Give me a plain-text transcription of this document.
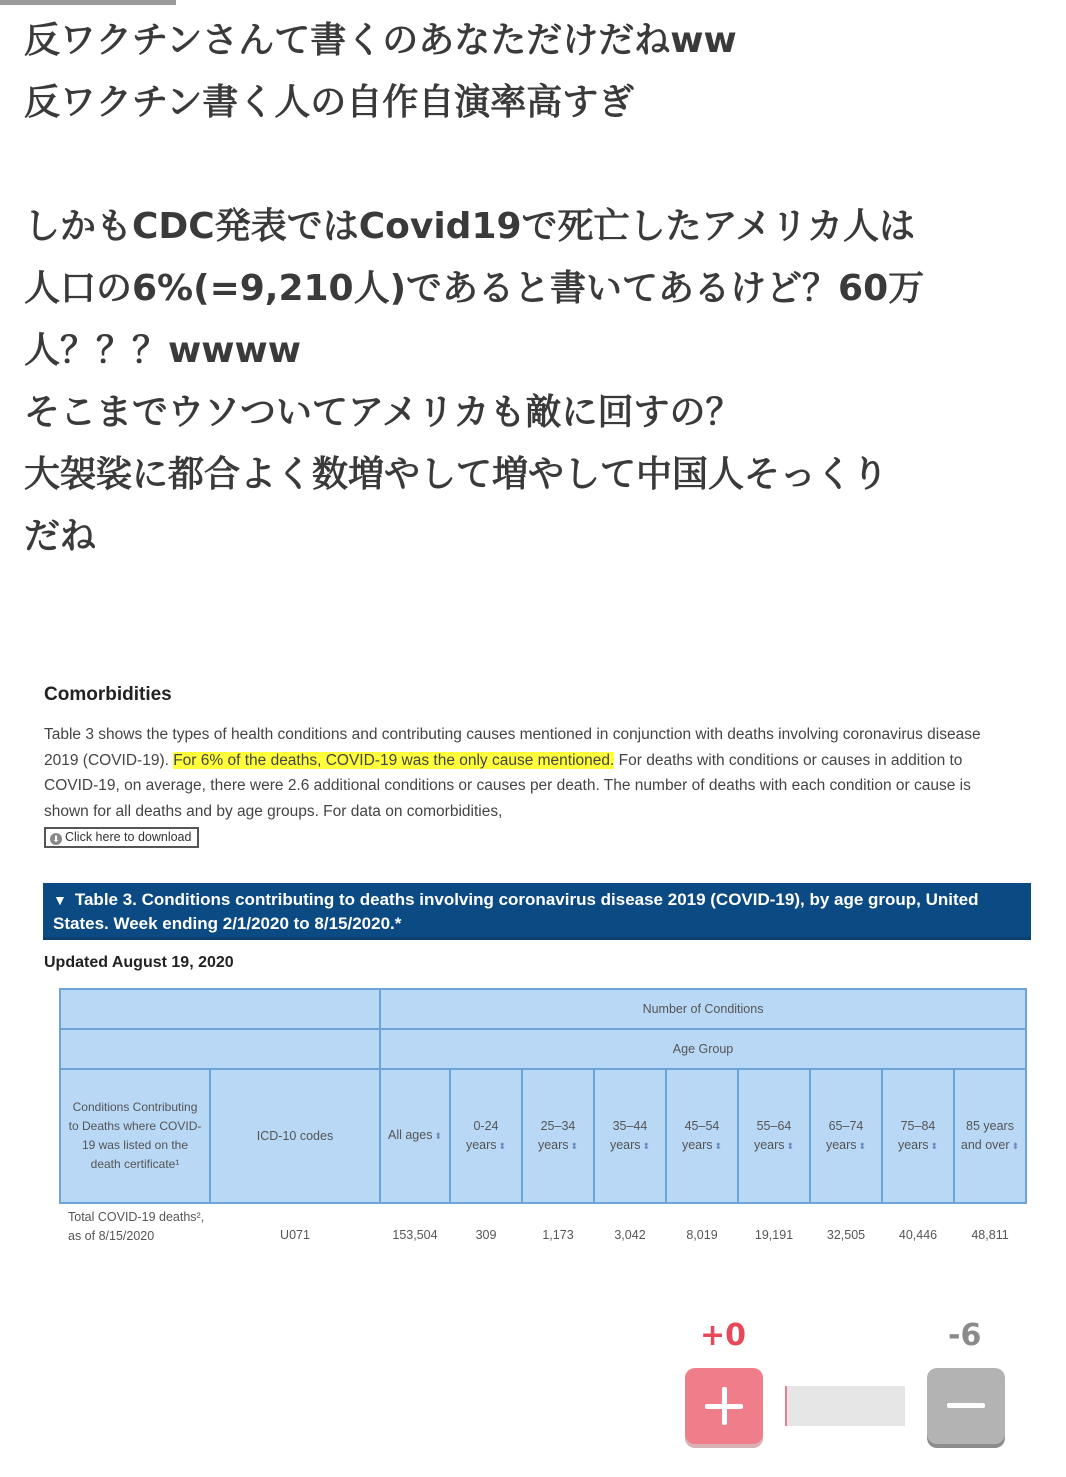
反ワクチンさんて書くのあなただけだねww

反ワクチン書く人の自作自演率高すぎ

しかもCDC発表ではCovid19で死亡したアメリカ人は

人口の6%(=9,210人)であると書いてあるけど？60万

人？？？wwww

そこまでウソついてアメリカも敵に回すの？

大袈裟に都合よく数増やして増やして中国人そっくり

だね

Comorbidities
Table 3 shows the types of health conditions and contributing causes mentioned in conjunction with deaths involving coronavirus disease 2019 (COVID-19). For 6% of the deaths, COVID-19 was the only cause mentioned. For deaths with conditions or causes in addition to COVID-19, on average, there were 2.6 additional conditions or causes per death. The number of deaths with each condition or cause is shown for all deaths and by age groups. For data on comorbidities,
⬇ Click here to download
▼ Table 3. Conditions contributing to deaths involving coronavirus disease 2019 (COVID-19), by age group, United States. Week ending 2/1/2020 to 8/15/2020.*
Updated August 19, 2020
		Number of Conditions								
		Age Group								
Conditions Contributing to Deaths where COVID-19 was listed on the death certificate¹	ICD-10 codes	All ages ⬍	0-24 years ⬍	25–34 years ⬍	35–44 years ⬍	45–54 years ⬍	55–64 years ⬍	65–74 years ⬍	75–84 years ⬍	85 years and over ⬍
Total COVID-19 deaths², as of 8/15/2020	U071	153,504	309	1,173	3,042	8,019	19,191	32,505	40,446	48,811
+0	-6
